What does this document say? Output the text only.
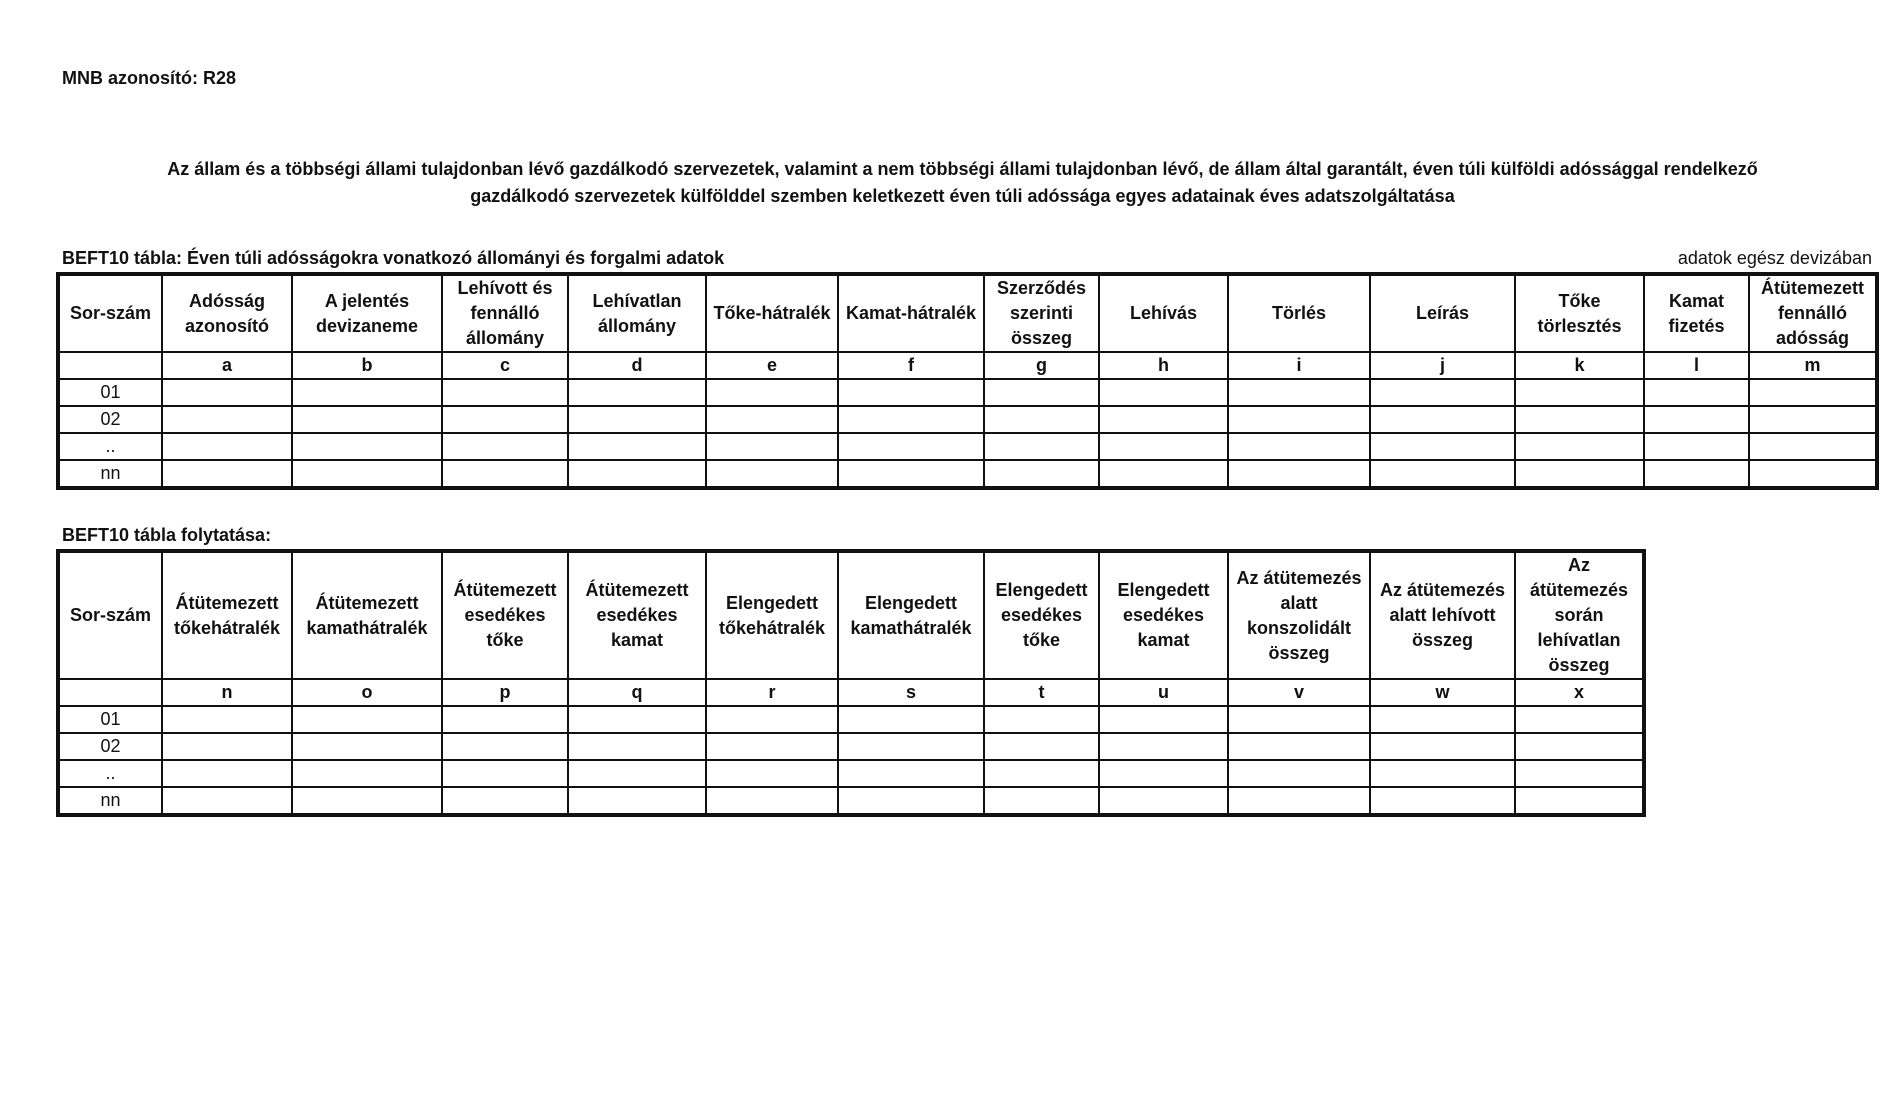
MNB azonosító: R28
Az állam és a többségi állami tulajdonban lévő gazdálkodó szervezetek, valamint a nem többségi állami tulajdonban lévő, de állam által garantált, éven túli külföldi adóssággal rendelkező
gazdálkodó szervezetek külfölddel szemben keletkezett éven túli adóssága egyes adatainak éves adatszolgáltatása
BEFT10 tábla: Éven túli adósságokra vonatkozó állományi és forgalmi adatok	adatok egész devizában
Sor-szám	Adósság azonosító	A jelentés devizaneme	Lehívott és fennálló állomány	Lehívatlan állomány	Tőke-hátralék	Kamat-hátralék	Szerződés szerinti összeg	Lehívás	Törlés	Leírás	Tőke törlesztés	Kamat fizetés	Átütemezett fennálló adósság

	a	b	c	d	e	f	g	h	i	j	k	l	m
01													
02													
..													
nn													
BEFT10 tábla folytatása:
Sor-szám	Átütemezett tőkehátralék	Átütemezett kamathátralék	Átütemezett esedékes tőke	Átütemezett esedékes kamat	Elengedett tőkehátralék	Elengedett kamathátralék	Elengedett esedékes tőke	Elengedett esedékes kamat	Az átütemezés alatt konszolidált összeg	Az átütemezés alatt lehívott összeg	Az átütemezés során lehívatlan összeg

	n	o	p	q	r	s	t	u	v	w	x
01											
02											
..											
nn											
